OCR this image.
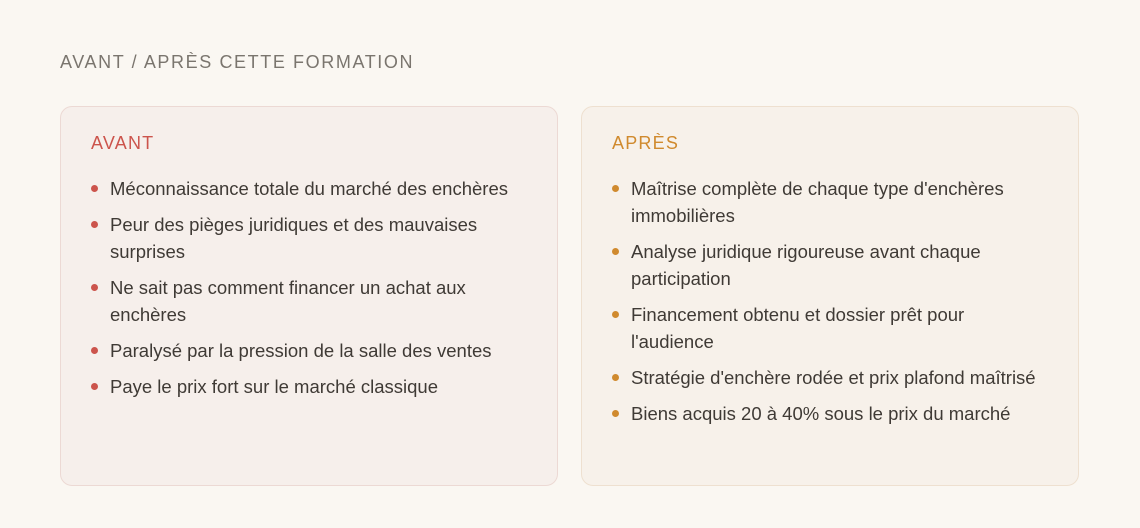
AVANT / APRÈS CETTE FORMATION
AVANT
Méconnaissance totale du marché des enchères
Peur des pièges juridiques et des mauvaises surprises
Ne sait pas comment financer un achat aux enchères
Paralysé par la pression de la salle des ventes
Paye le prix fort sur le marché classique
APRÈS
Maîtrise complète de chaque type d'enchères immobilières
Analyse juridique rigoureuse avant chaque participation
Financement obtenu et dossier prêt pour l'audience
Stratégie d'enchère rodée et prix plafond maîtrisé
Biens acquis 20 à 40% sous le prix du marché
